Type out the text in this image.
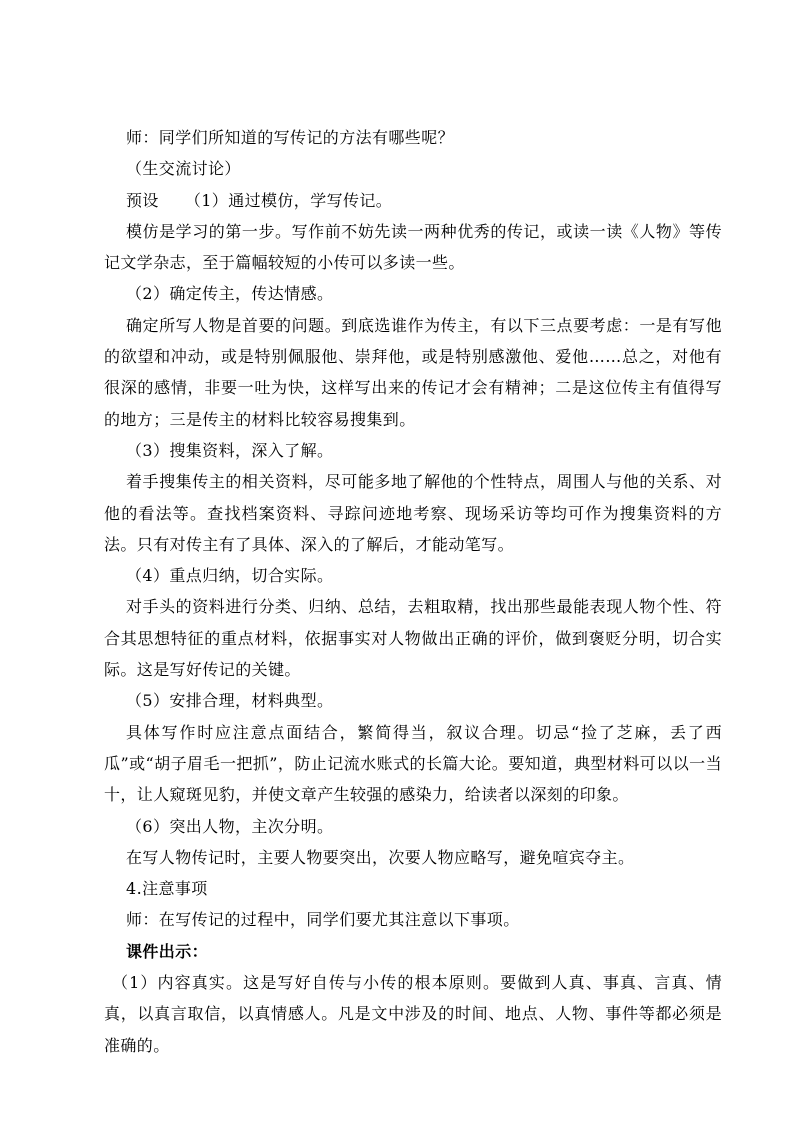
师：同学们所知道的写传记的方法有哪些呢？
（生交流讨论）
预设 （1）通过模仿，学写传记。
模仿是学习的第一步。写作前不妨先读一两种优秀的传记，或读一读《人物》等传记文学杂志，至于篇幅较短的小传可以多读一些。
（2）确定传主，传达情感。
确定所写人物是首要的问题。到底选谁作为传主，有以下三点要考虑：一是有写他的欲望和冲动，或是特别佩服他、崇拜他，或是特别感激他、爱他……总之，对他有很深的感情，非要一吐为快，这样写出来的传记才会有精神；二是这位传主有值得写的地方；三是传主的材料比较容易搜集到。
（3）搜集资料，深入了解。
着手搜集传主的相关资料，尽可能多地了解他的个性特点，周围人与他的关系、对他的看法等。查找档案资料、寻踪问迹地考察、现场采访等均可作为搜集资料的方法。只有对传主有了具体、深入的了解后，才能动笔写。
（4）重点归纳，切合实际。
对手头的资料进行分类、归纳、总结，去粗取精，找出那些最能表现人物个性、符合其思想特征的重点材料，依据事实对人物做出正确的评价，做到褒贬分明，切合实际。这是写好传记的关键。
（5）安排合理，材料典型。
具体写作时应注意点面结合，繁简得当，叙议合理。切忌“捡了芝麻，丢了西瓜”或“胡子眉毛一把抓”，防止记流水账式的长篇大论。要知道，典型材料可以以一当十，让人窥斑见豹，并使文章产生较强的感染力，给读者以深刻的印象。
（6）突出人物，主次分明。
在写人物传记时，主要人物要突出，次要人物应略写，避免喧宾夺主。
4.注意事项
师：在写传记的过程中，同学们要尤其注意以下事项。
课件出示：
（1）内容真实。这是写好自传与小传的根本原则。要做到人真、事真、言真、情真，以真言取信，以真情感人。凡是文中涉及的时间、地点、人物、事件等都必须是准确的。
